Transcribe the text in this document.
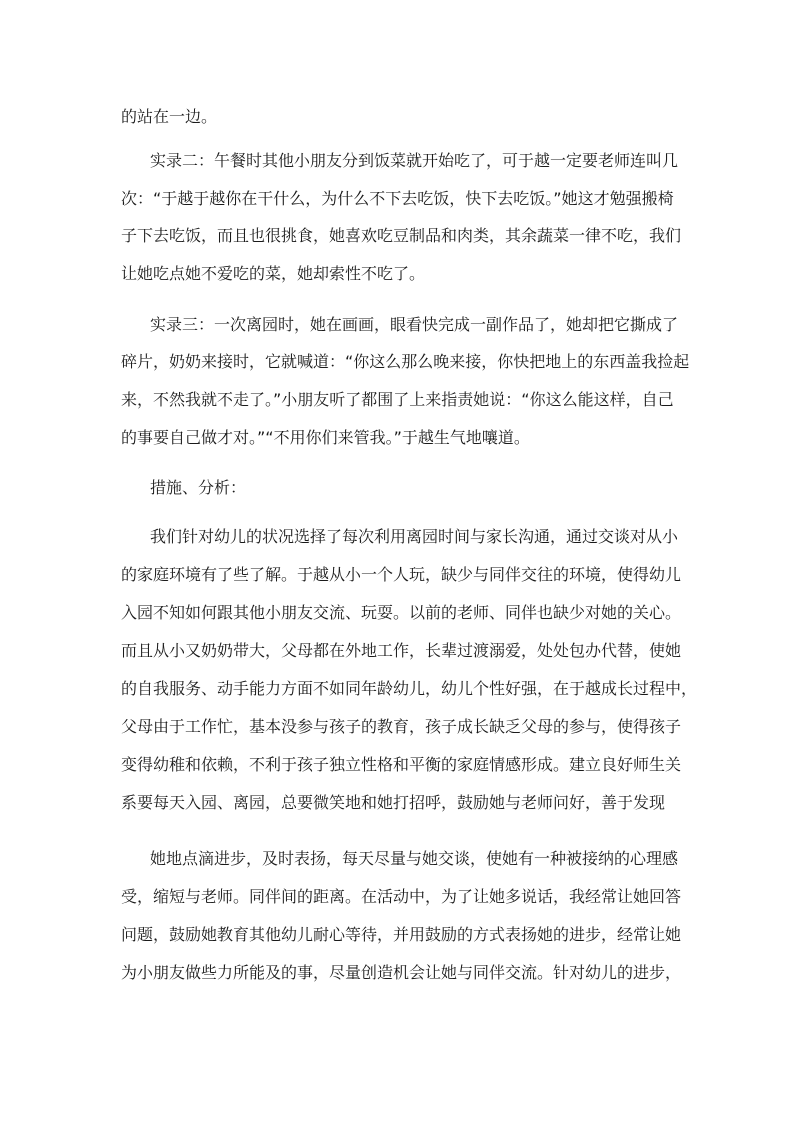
的站在一边。
实录二：午餐时其他小朋友分到饭菜就开始吃了，可于越一定要老师连叫几
次：“于越于越你在干什么，为什么不下去吃饭，快下去吃饭。”她这才勉强搬椅
子下去吃饭，而且也很挑食，她喜欢吃豆制品和肉类，其余蔬菜一律不吃，我们
让她吃点她不爱吃的菜，她却索性不吃了。
实录三：一次离园时，她在画画，眼看快完成一副作品了，她却把它撕成了
碎片，奶奶来接时，它就喊道：“你这么那么晚来接，你快把地上的东西盖我捡起
来，不然我就不走了。”小朋友听了都围了上来指责她说：“你这么能这样，自己
的事要自己做才对。”“不用你们来管我。”于越生气地嚷道。
措施、分析：
我们针对幼儿的状况选择了每次利用离园时间与家长沟通，通过交谈对从小
的家庭环境有了些了解。于越从小一个人玩，缺少与同伴交往的环境，使得幼儿
入园不知如何跟其他小朋友交流、玩耍。以前的老师、同伴也缺少对她的关心。
而且从小又奶奶带大，父母都在外地工作，长辈过渡溺爱，处处包办代替，使她
的自我服务、动手能力方面不如同年龄幼儿，幼儿个性好强，在于越成长过程中，
父母由于工作忙，基本没参与孩子的教育，孩子成长缺乏父母的参与，使得孩子
变得幼稚和依赖，不利于孩子独立性格和平衡的家庭情感形成。建立良好师生关
系要每天入园、离园，总要微笑地和她打招呼，鼓励她与老师问好，善于发现
她地点滴进步，及时表扬，每天尽量与她交谈，使她有一种被接纳的心理感
受，缩短与老师。同伴间的距离。在活动中，为了让她多说话，我经常让她回答
问题，鼓励她教育其他幼儿耐心等待，并用鼓励的方式表扬她的进步，经常让她
为小朋友做些力所能及的事，尽量创造机会让她与同伴交流。针对幼儿的进步，
